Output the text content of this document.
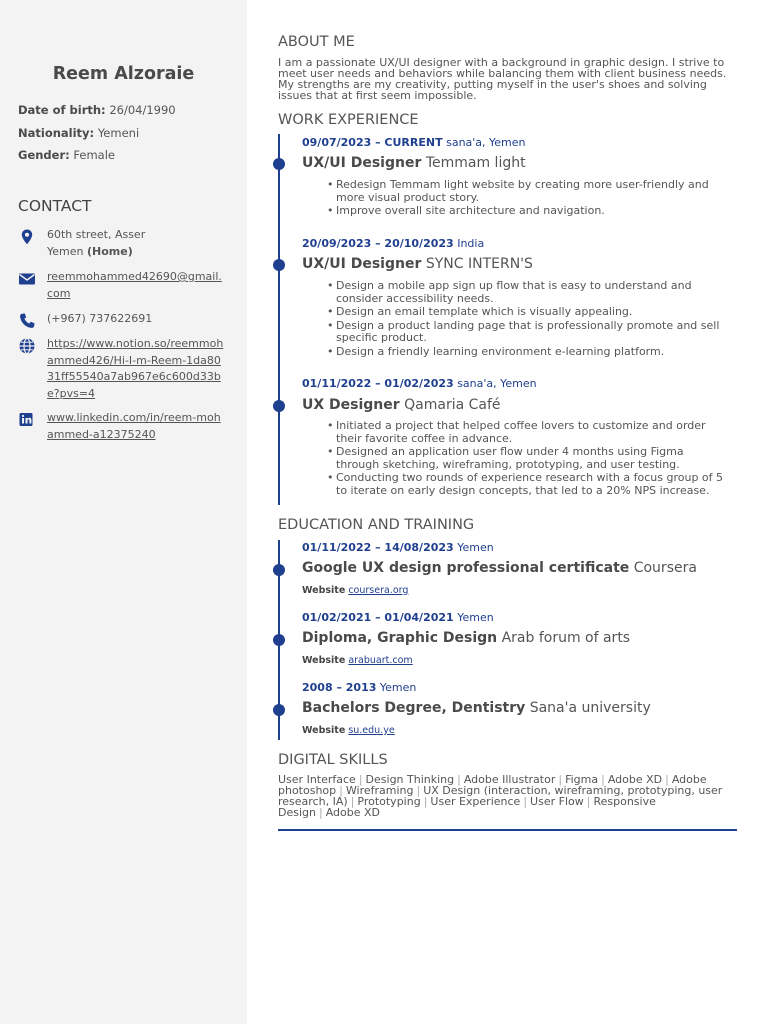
Reem Alzoraie
Date of birth: 26/04/1990
Nationality: Yemeni
Gender: Female
CONTACT
60th street, Asser
Yemen (Home)
reemmohammed42690@gmail.com
(+967) 737622691
https://www.notion.so/reemmohammed426/Hi-I-m-Reem-1da8031ff55540a7ab967e6c600d33be?pvs=4
www.linkedin.com/in/reem-mohammed-a12375240
ABOUT ME
I am a passionate UX/UI designer with a background in graphic design. I strive to meet user needs and behaviors while balancing them with client business needs. My strengths are my creativity, putting myself in the user's shoes and solving issues that at first seem impossible.
WORK EXPERIENCE
09/07/2023 – CURRENT sana'a, Yemen
UX/UI Designer Temmam light
• Redesign Temmam light website by creating more user-friendly and more visual product story.
• Improve overall site architecture and navigation.
20/09/2023 – 20/10/2023 India
UX/UI Designer SYNC INTERN'S
• Design a mobile app sign up flow that is easy to understand and consider accessibility needs.
• Design an email template which is visually appealing.
• Design a product landing page that is professionally promote and sell specific product.
• Design a friendly learning environment e-learning platform.
01/11/2022 – 01/02/2023 sana'a, Yemen
UX Designer Qamaria Café
• Initiated a project that helped coffee lovers to customize and order their favorite coffee in advance.
• Designed an application user flow under 4 months using Figma through sketching, wireframing, prototyping, and user testing.
• Conducting two rounds of experience research with a focus group of 5 to iterate on early design concepts, that led to a 20% NPS increase.
EDUCATION AND TRAINING
01/11/2022 – 14/08/2023 Yemen
Google UX design professional certificate Coursera
Website coursera.org
01/02/2021 – 01/04/2021 Yemen
Diploma, Graphic Design Arab forum of arts
Website arabuart.com
2008 – 2013 Yemen
Bachelors Degree, Dentistry Sana'a university
Website su.edu.ye
DIGITAL SKILLS
User Interface | Design Thinking | Adobe Illustrator | Figma | Adobe XD | Adobe photoshop | Wireframing | UX Design (interaction, wireframing, prototyping, user research, IA) | Prototyping | User Experience | User Flow | Responsive Design | Adobe XD
